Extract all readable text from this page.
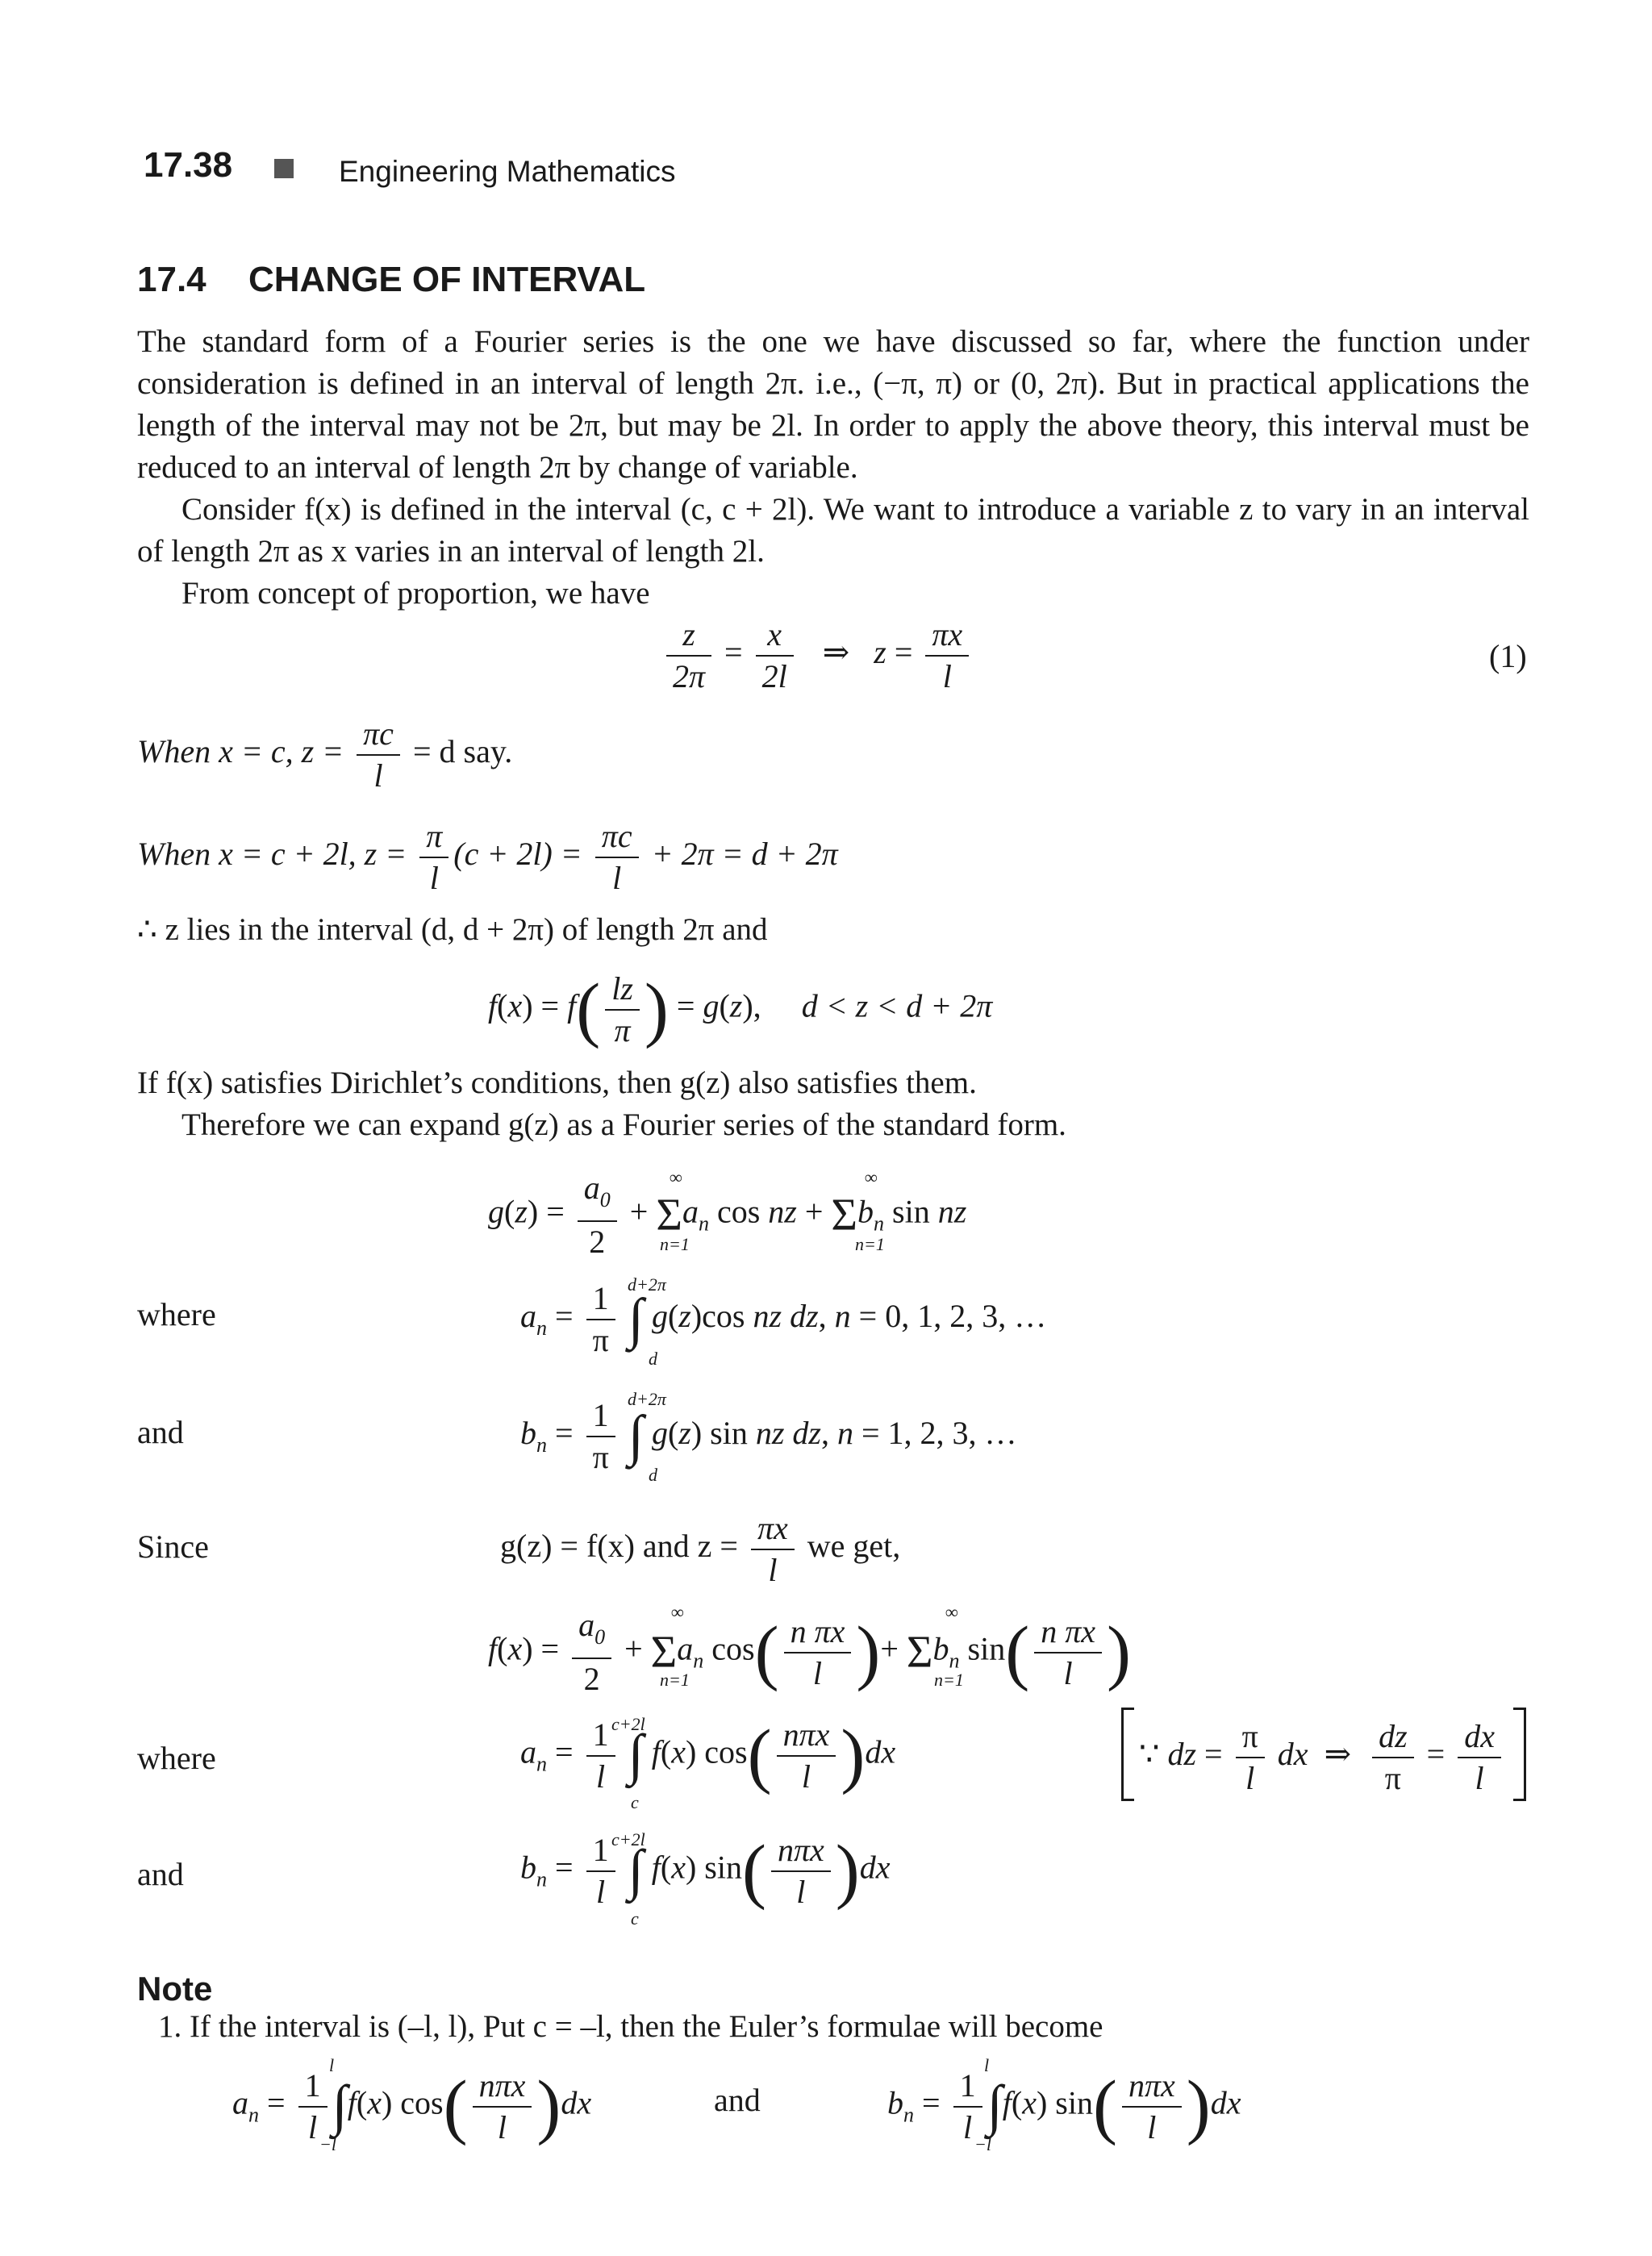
17.38	Engineering Mathematics
17.4 CHANGE OF INTERVAL
The standard form of a Fourier series is the one we have discussed so far, where the function under consideration is defined in an interval of length 2π. i.e., (−π, π) or (0, 2π). But in practical applications the length of the interval may not be 2π, but may be 2l. In order to apply the above theory, this interval must be reduced to an interval of length 2π by change of variable.
Consider f(x) is defined in the interval (c, c + 2l). We want to introduce a variable z to vary in an interval of length 2π as x varies in an interval of length 2l.
From concept of proportion, we have
$\frac{z}{2\pi} = \frac{x}{2l}$ ⇒   $z = \frac{\pi x}{l}$	(1)
When x = c, $z = \frac{\pi c}{l} = d$ say.
When x = c + 2l, $z = \frac{\pi}{l} (c + 2l) = \frac{\pi c}{l} + 2\pi = d + 2\pi$
∴ z lies in the interval (d, d + 2π) of length 2π and
$f(x) = f( \frac{lz}{\pi}$ ) = g(z),     d < z < d + 2π
If f(x) satisfies Dirichlet’s conditions, then g(z) also satisfies them.
Therefore we can expand g(z) as a Fourier series of the standard form.
$g(z) = \frac{a_0}{2} + \Sigma a_n$ cos nz + $\Sigma b_n$ sin nz
∞
n=1
∞
n=1
where	$a_n = \frac{1}{\pi}$ ∫ g(z)cos nz dz, n = 0, 1, 2, 3, …
d+2π
d
and	$b_n = \frac{1}{\pi}$ ∫ g(z) sin nz dz, n = 1, 2, 3, …
d+2π
d
Since	g(z) = f(x) and $z = \frac{\pi x}{l}$ we get,
$f(x) = \frac{a_0}{2} + \Sigma a_n$ $\cos( \frac{\text{n πx}}{l}$ )+ $\Sigma b_n$ $\sin( \frac{\text{n πx}}{l}$ )
∞
n=1
∞
n=1
where	$a_n = \frac{1}{l}$ ∫ f(x) cos( nπx
l )dx
c+2l
c
∵ dz = $\frac{\pi}{l}$ dx  ⇒ $\frac{dz}{\pi} = \frac{dx}{l}$
and	$b_n = \frac{1}{l}$ ∫ f(x) sin( nπx
l )dx
c+2l
c
Note
1. If the interval is (–l, l), Put c = –l, then the Euler’s formulae will become
$a_n = \frac{1}{l} \int f(x)$ cos( nπx
l )dx
l
−l
and	$b_n = \frac{1}{l} \int f(x)$ sin( nπx
l )dx
l
−l
